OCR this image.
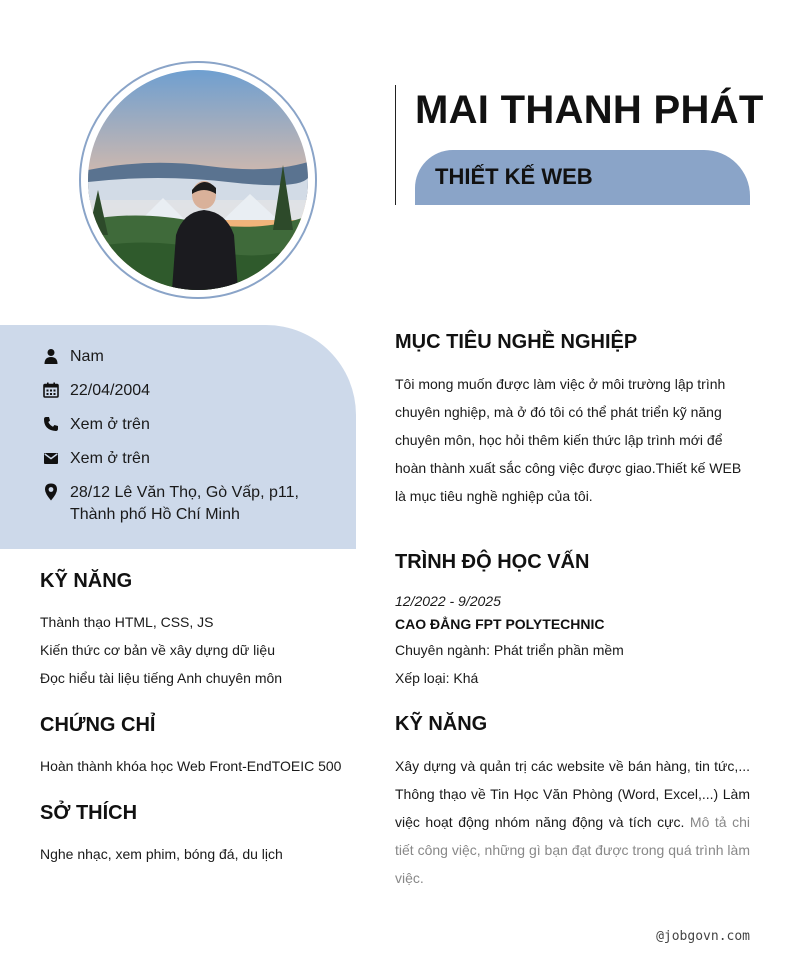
MAI THANH PHÁT
THIẾT KẾ WEB
Nam
22/04/2004
Xem ở trên
Xem ở trên
28/12 Lê Văn Thọ, Gò Vấp, p11, Thành phố Hồ Chí Minh
KỸ NĂNG
Thành thạo HTML, CSS, JS
Kiến thức cơ bản về xây dựng dữ liệu
Đọc hiểu tài liệu tiếng Anh chuyên môn
CHỨNG CHỈ
Hoàn thành khóa học Web Front-EndTOEIC 500
SỞ THÍCH
Nghe nhạc, xem phim, bóng đá, du lịch
MỤC TIÊU NGHỀ NGHIỆP
Tôi mong muốn được làm việc ở môi trường lập trình chuyên nghiệp, mà ở đó tôi có thể phát triển kỹ năng chuyên môn, học hỏi thêm kiến thức lập trình mới để hoàn thành xuất sắc công việc được giao.Thiết kế WEB là mục tiêu nghề nghiệp của tôi.
TRÌNH ĐỘ HỌC VẤN
12/2022 - 9/2025
CAO ĐẲNG FPT POLYTECHNIC
Chuyên ngành: Phát triển phần mềm
Xếp loại: Khá
KỸ NĂNG
Xây dựng và quản trị các website về bán hàng, tin tức,... Thông thạo về Tin Học Văn Phòng (Word, Excel,...) Làm việc hoạt động nhóm năng động và tích cực. Mô tả chi tiết công việc, những gì bạn đạt được trong quá trình làm việc.
@jobgovn.com
